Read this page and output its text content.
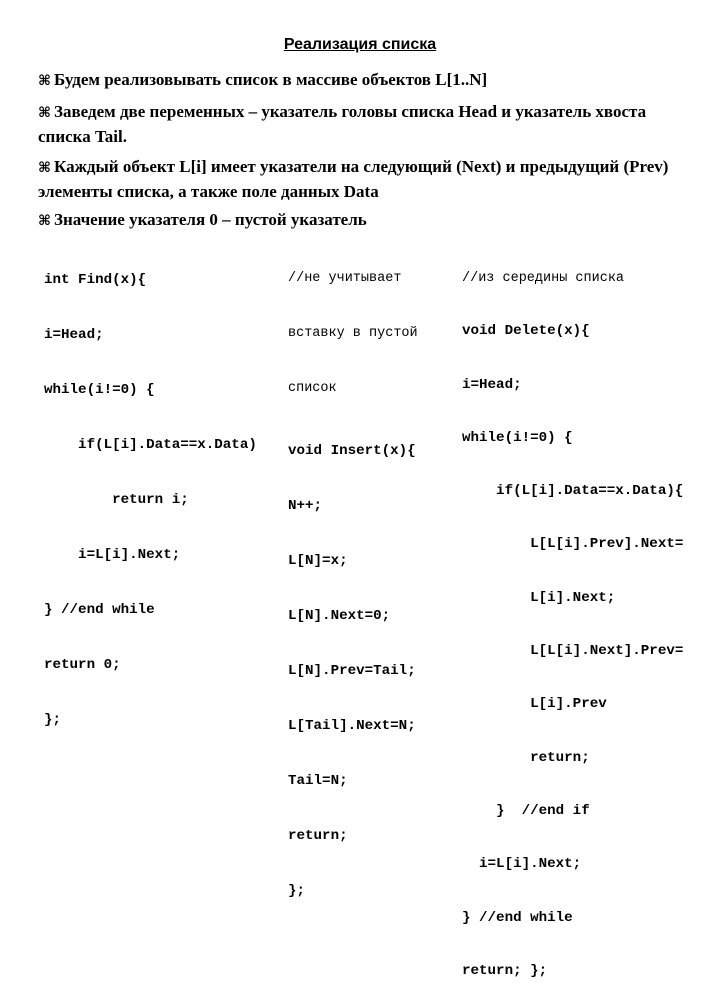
Реализация списка
⌘ Будем реализовывать список в массиве объектов L[1..N]
⌘ Заведем две переменных – указатель головы списка Head и указатель хвоста списка Tail.
⌘ Каждый объект L[i] имеет указатели на следующий (Next) и предыдущий (Prev) элементы списка, а также поле данных Data
⌘ Значение указателя 0 – пустой указатель

int Find(x){

i=Head;

while(i!=0) {

if(L[i].Data==x.Data)

return i;

i=L[i].Next;

} //end while

return 0;

};

//не учитывает

вставку в пустой

список

void Insert(x){

N++;

L[N]=x;

L[N].Next=0;

L[N].Prev=Tail;

L[Tail].Next=N;

Tail=N;

return;

};

//из середины списка

void Delete(x){

i=Head;

while(i!=0) {

if(L[i].Data==x.Data){

L[L[i].Prev].Next=

L[i].Next;

L[L[i].Next].Prev=

L[i].Prev

return;

}  //end if

i=L[i].Next;

} //end while

return; };
